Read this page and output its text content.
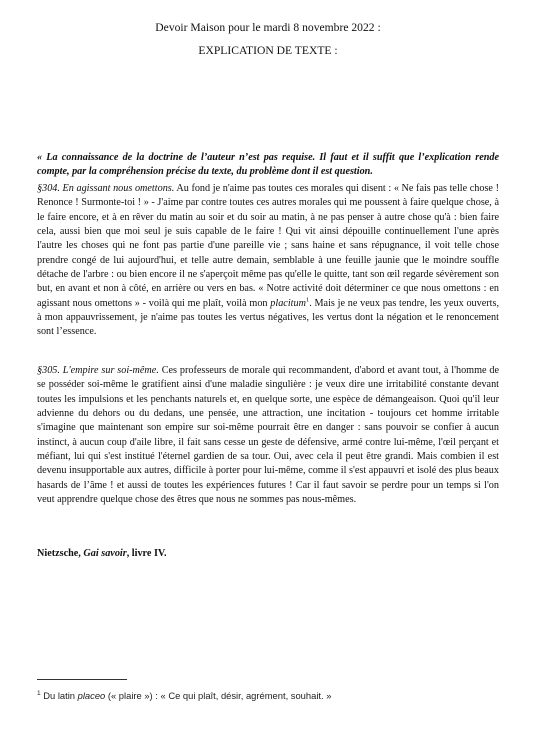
Devoir Maison pour le mardi 8 novembre 2022 :
EXPLICATION DE TEXTE :
« La connaissance de la doctrine de l’auteur n’est pas requise. Il faut et il suffit que l’explication rende compte, par la compréhension précise du texte, du problème dont il est question.
§304. En agissant nous omettons. Au fond je n'aime pas toutes ces morales qui disent : « Ne fais pas telle chose ! Renonce ! Surmonte-toi ! » - J'aime par contre toutes ces autres morales qui me poussent à faire quelque chose, à le faire encore, et à en rêver du matin au soir et du soir au matin, à ne pas penser à autre chose qu'à : bien faire cela, aussi bien que moi seul je suis capable de le faire ! Qui vit ainsi dépouille continuellement l'une après l'autre les choses qui ne font pas partie d'une pareille vie ; sans haine et sans répugnance, il voit telle chose prendre congé de lui aujourd'hui, et telle autre demain, semblable à une feuille jaunie que le moindre souffle détache de l'arbre : ou bien encore il ne s'aperçoit même pas qu'elle le quitte, tant son œil regarde sévèrement son but, en avant et non à côté, en arrière ou vers en bas. « Notre activité doit déterminer ce que nous omettons : en agissant nous omettons » - voilà qui me plaît, voilà mon placitum$^1$. Mais je ne veux pas tendre, les yeux ouverts, à mon appauvrissement, je n'aime pas toutes les vertus négatives, les vertus dont la négation et le renoncement sont l’essence.
§305. L'empire sur soi-même. Ces professeurs de morale qui recommandent, d'abord et avant tout, à l'homme de se posséder soi-même le gratifient ainsi d'une maladie singulière : je veux dire une irritabilité constante devant toutes les impulsions et les penchants naturels et, en quelque sorte, une espèce de démangeaison. Quoi qu'il leur advienne du dehors ou du dedans, une pensée, une attraction, une incitation - toujours cet homme irritable s'imagine que maintenant son empire sur soi-même pourrait être en danger : sans pouvoir se confier à aucun instinct, à aucun coup d'aile libre, il fait sans cesse un geste de défensive, armé contre lui-même, l'œil perçant et méfiant, lui qui s'est institué l'éternel gardien de sa tour. Oui, avec cela il peut être grandi. Mais combien il est devenu insupportable aux autres, difficile à porter pour lui-même, comme il s'est appauvri et isolé des plus beaux hasards de l’âme ! et aussi de toutes les expériences futures ! Car il faut savoir se perdre pour un temps si l'on veut apprendre quelque chose des êtres que nous ne sommes pas nous-mêmes.
Nietzsche, Gai savoir, livre IV.
$^1$ Du latin placeo (« plaire ») : « Ce qui plaît, désir, agrément, souhait. »
